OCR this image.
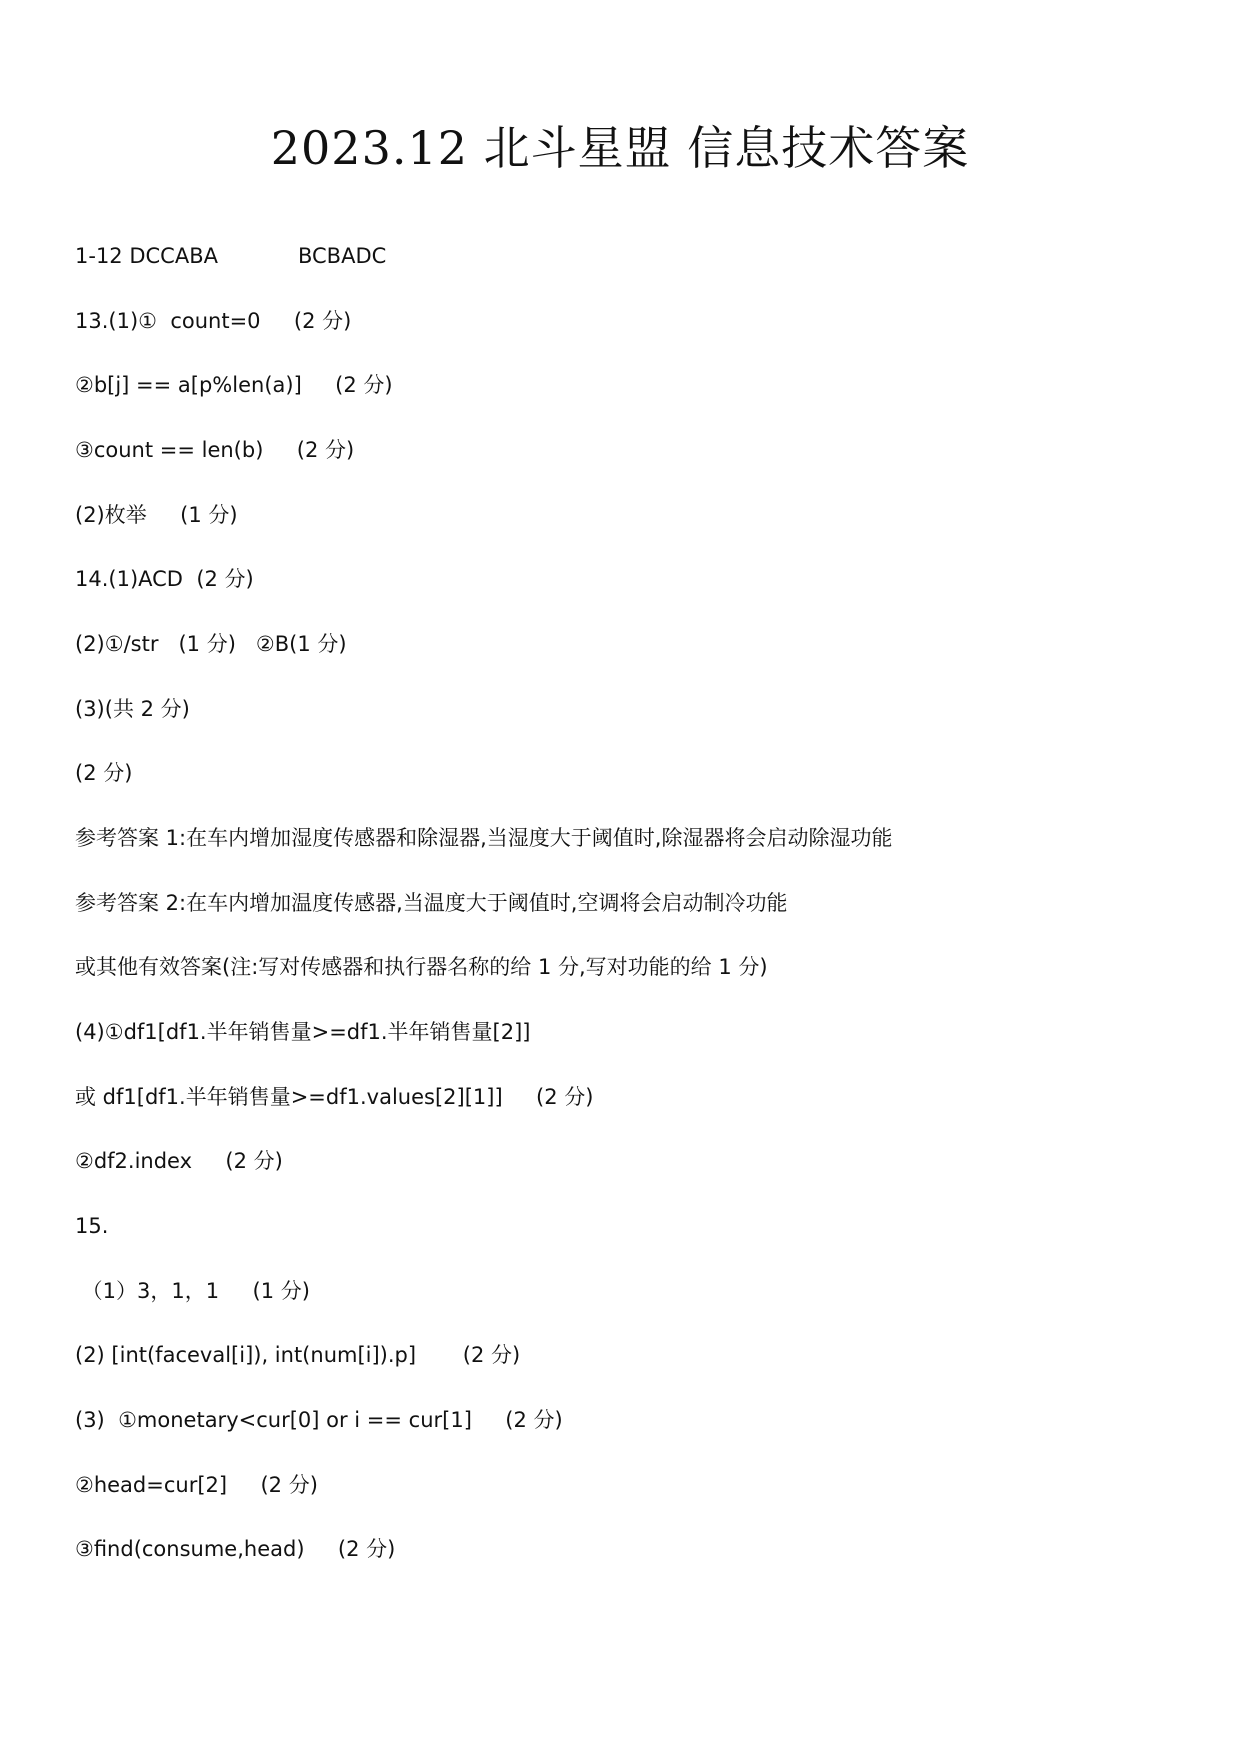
2023.12 北斗星盟 信息技术答案
1-12 DCCABA	BCBADC
13.(1)①  count=0     (2 分)
②b[j] == a[p%len(a)]     (2 分)
③count == len(b)     (2 分)
(2)枚举     (1 分)
14.(1)ACD  (2 分)
(2)①/str   (1 分)   ②B(1 分)
(3)(共 2 分)
(2 分)
参考答案 1:在车内增加湿度传感器和除湿器,当湿度大于阈值时,除湿器将会启动除湿功能
参考答案 2:在车内增加温度传感器,当温度大于阈值时,空调将会启动制冷功能
或其他有效答案(注:写对传感器和执行器名称的给 1 分,写对功能的给 1 分)
(4)①df1[df1.半年销售量>=df1.半年销售量[2]]
或 df1[df1.半年销售量>=df1.values[2][1]]     (2 分)
②df2.index     (2 分)
15.
（1）3，1，1     (1 分)
(2) [int(faceval[i]), int(num[i]).p]       (2 分)
(3)  ①monetary<cur[0] or i == cur[1]     (2 分)
②head=cur[2]     (2 分)
③find(consume,head)     (2 分)
